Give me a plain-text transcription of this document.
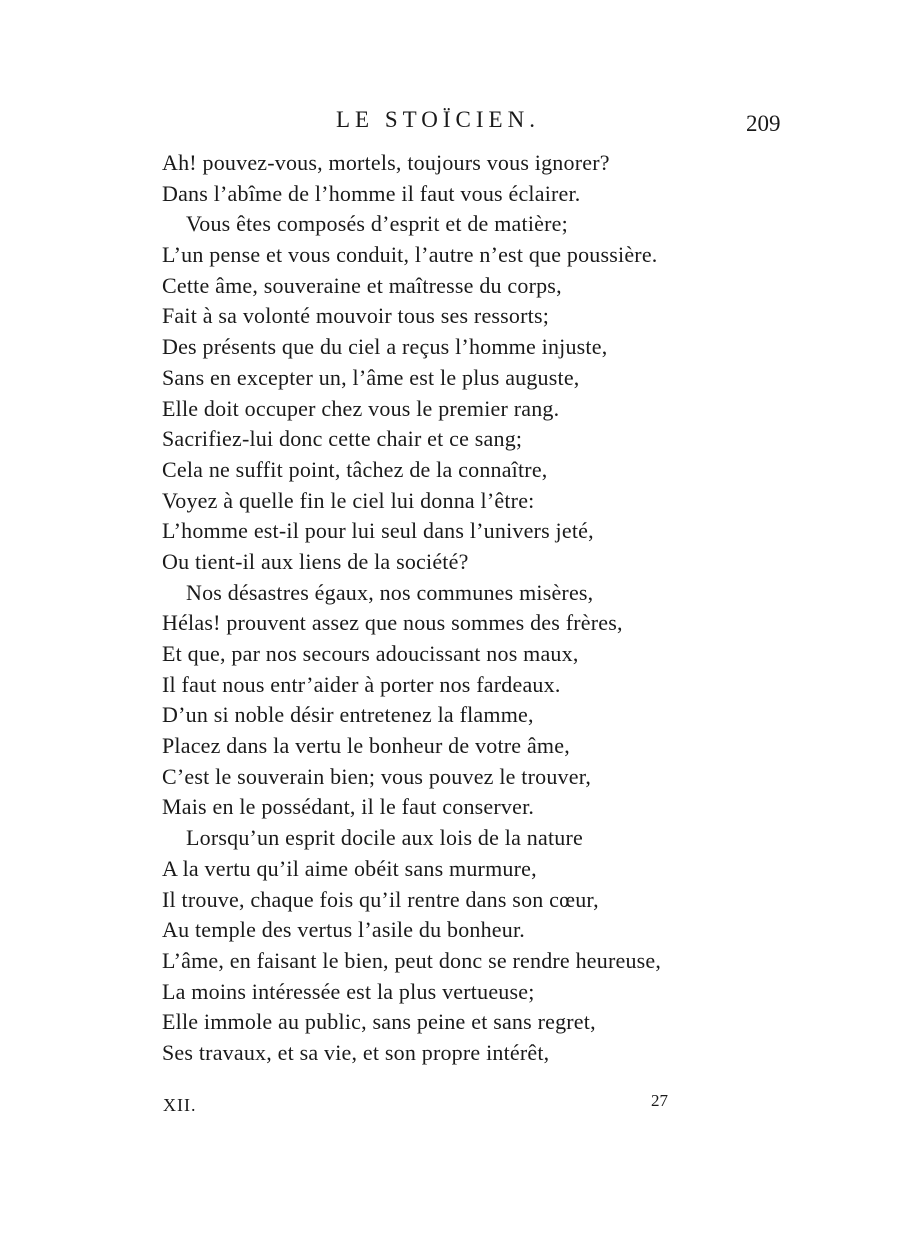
LE STOÏCIEN.	209
Ah! pouvez-vous, mortels, toujours vous ignorer?
Dans l’abîme de l’homme il faut vous éclairer.
Vous êtes composés d’esprit et de matière;
L’un pense et vous conduit, l’autre n’est que poussière.
Cette âme, souveraine et maîtresse du corps,
Fait à sa volonté mouvoir tous ses ressorts;
Des présents que du ciel a reçus l’homme injuste,
Sans en excepter un, l’âme est le plus auguste,
Elle doit occuper chez vous le premier rang.
Sacrifiez-lui donc cette chair et ce sang;
Cela ne suffit point, tâchez de la connaître,
Voyez à quelle fin le ciel lui donna l’être:
L’homme est-il pour lui seul dans l’univers jeté,
Ou tient-il aux liens de la société?
Nos désastres égaux, nos communes misères,
Hélas! prouvent assez que nous sommes des frères,
Et que, par nos secours adoucissant nos maux,
Il faut nous entr’aider à porter nos fardeaux.
D’un si noble désir entretenez la flamme,
Placez dans la vertu le bonheur de votre âme,
C’est le souverain bien; vous pouvez le trouver,
Mais en le possédant, il le faut conserver.
Lorsqu’un esprit docile aux lois de la nature
A la vertu qu’il aime obéit sans murmure,
Il trouve, chaque fois qu’il rentre dans son cœur,
Au temple des vertus l’asile du bonheur.
L’âme, en faisant le bien, peut donc se rendre heureuse,
La moins intéressée est la plus vertueuse;
Elle immole au public, sans peine et sans regret,
Ses travaux, et sa vie, et son propre intérêt,
XII.	27
